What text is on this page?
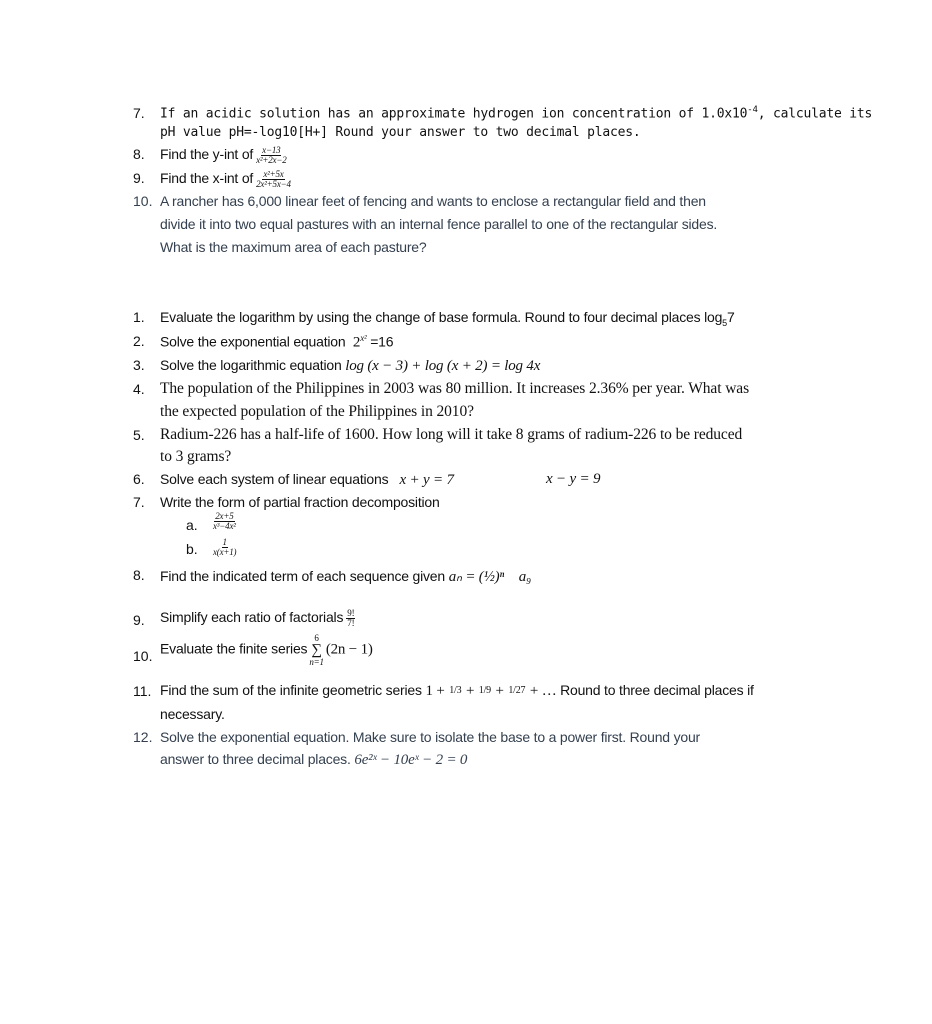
7. If an acidic solution has an approximate hydrogen ion concentration of $1.0x10^{-4}$, calculate its
pH value pH=-log10[H+] Round your answer to two decimal places.
8. Find the y-int of $\frac{x-13}{\text{x²+2x−2}}$
9. Find the x-int of $\frac{\text{x²+5x}}{\text{2x²+5x−4}}$
10. A rancher has 6,000 linear feet of fencing and wants to enclose a rectangular field and then
divide it into two equal pastures with an internal fence parallel to one of the rectangular sides.
What is the maximum area of each pasture?
1. Evaluate the logarithm by using the change of base formula. Round to four decimal places $\log_57$
2. Solve the exponential equation $2^{x^2} =16$
3. Solve the logarithmic equation log (x − 3) + log (x + 2) = log 4x
4. The population of the Philippines in 2003 was 80 million. It increases 2.36% per year. What was
the expected population of the Philippines in 2010?
5. Radium-226 has a half-life of 1600. How long will it take 8 grams of radium-226 to be reduced
to 3 grams?
6. Solve each system of linear equations x + y = 7	x − y = 9
7. Write the form of partial fraction decomposition
a. $\frac{2x+5}{\text{x³−4x²}}$
b. $\frac{1}{x(x+1)}$
8. Find the indicated term of each sequence given aₙ = (½)ⁿ a₉
9. Simplify each ratio of factorials $\frac{9!}{7!}$
10. Evaluate the finite series
6
∑
n=1
(2n − 1)
11. Find the sum of the infinite geometric series 1 + 1/3 + 1/9 + 1/27 + … Round to three decimal places if
necessary.
12. Solve the exponential equation. Make sure to isolate the base to a power first. Round your
answer to three decimal places. 6e²ˣ − 10eˣ − 2 = 0
